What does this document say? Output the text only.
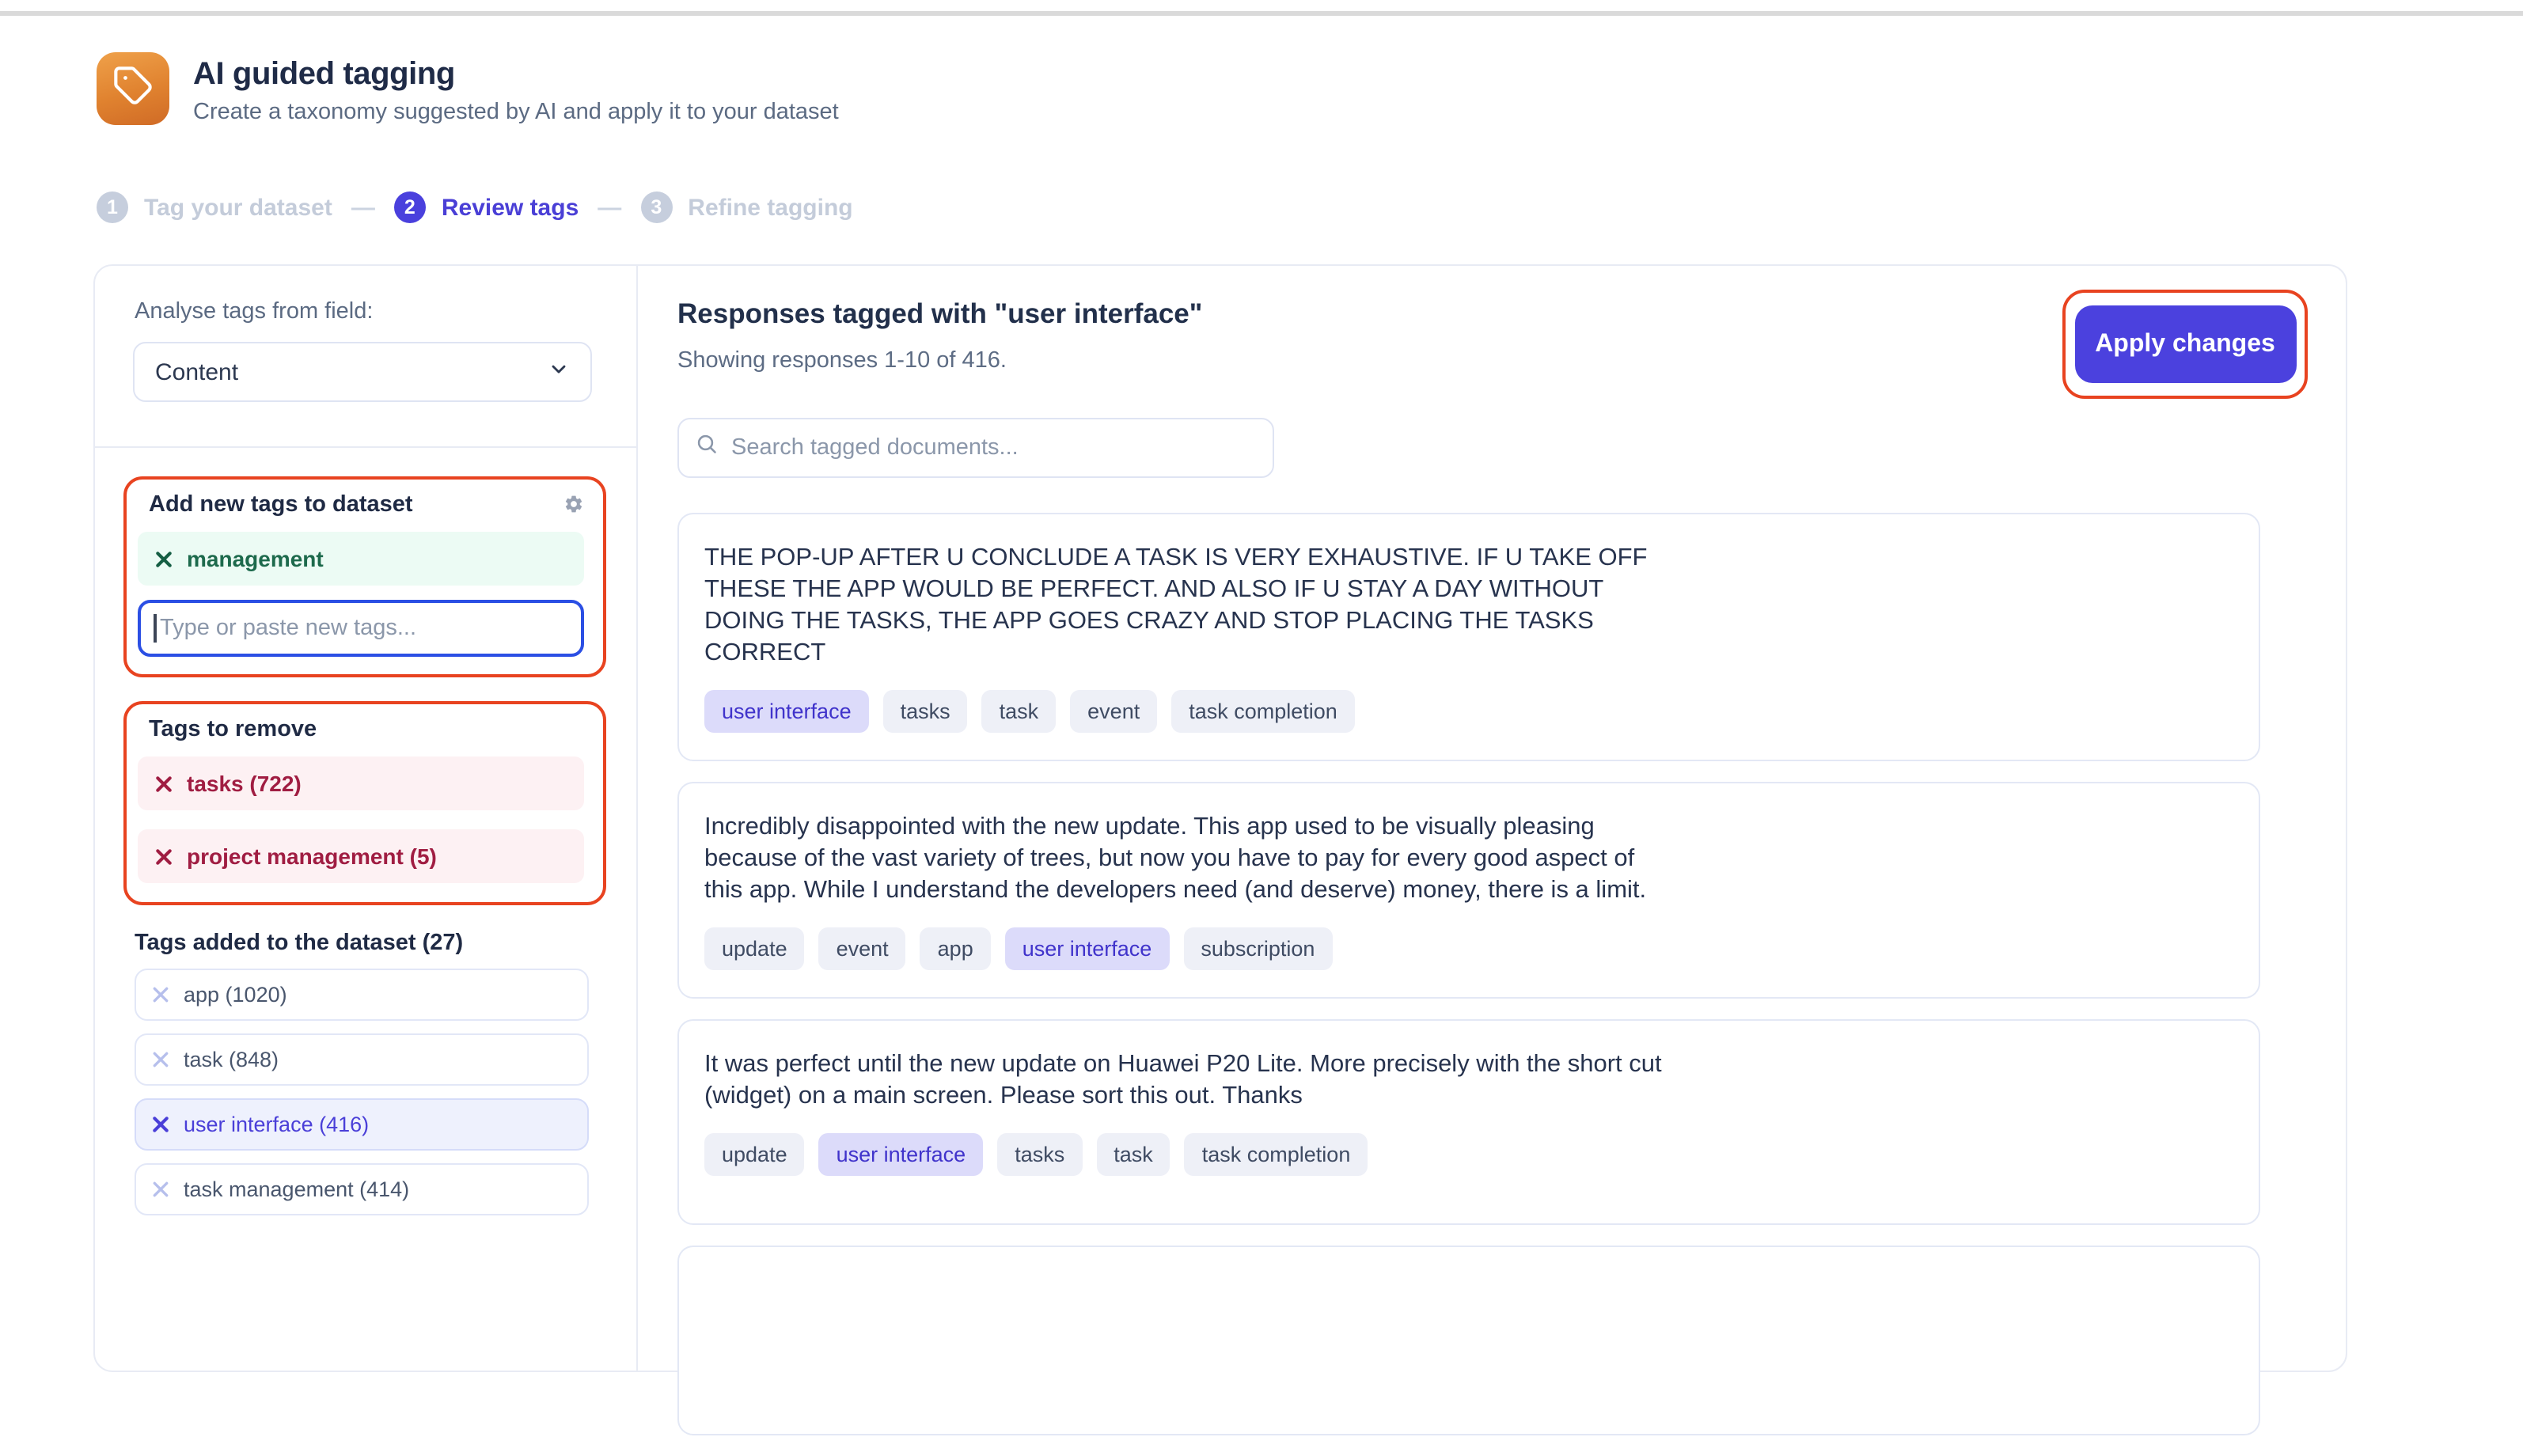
AI guided tagging
Create a taxonomy suggested by AI and apply it to your dataset
1	Tag your dataset —	2	Review tags —	3	Refine tagging
Analyse tags from field:
Content
Add new tags to dataset
management
Type or paste new tags...
Tags to remove
tasks (722)
project management (5)
Tags added to the dataset (27)
app (1020)
task (848)
user interface (416)
task management (414)
Responses tagged with "user interface"
Showing responses 1-10 of 416.
Apply changes
Search tagged documents...
THE POP-UP AFTER U CONCLUDE A TASK IS VERY EXHAUSTIVE. IF U TAKE OFF THESE THE APP WOULD BE PERFECT. AND ALSO IF U STAY A DAY WITHOUT DOING THE TASKS, THE APP GOES CRAZY AND STOP PLACING THE TASKS CORRECT
user interface	tasks	task	event	task completion
Incredibly disappointed with the new update. This app used to be visually pleasing because of the vast variety of trees, but now you have to pay for every good aspect of this app. While I understand the developers need (and deserve) money, there is a limit.
update	event	app	user interface	subscription
It was perfect until the new update on Huawei P20 Lite. More precisely with the short cut (widget) on a main screen. Please sort this out. Thanks
update	user interface	tasks	task	task completion
